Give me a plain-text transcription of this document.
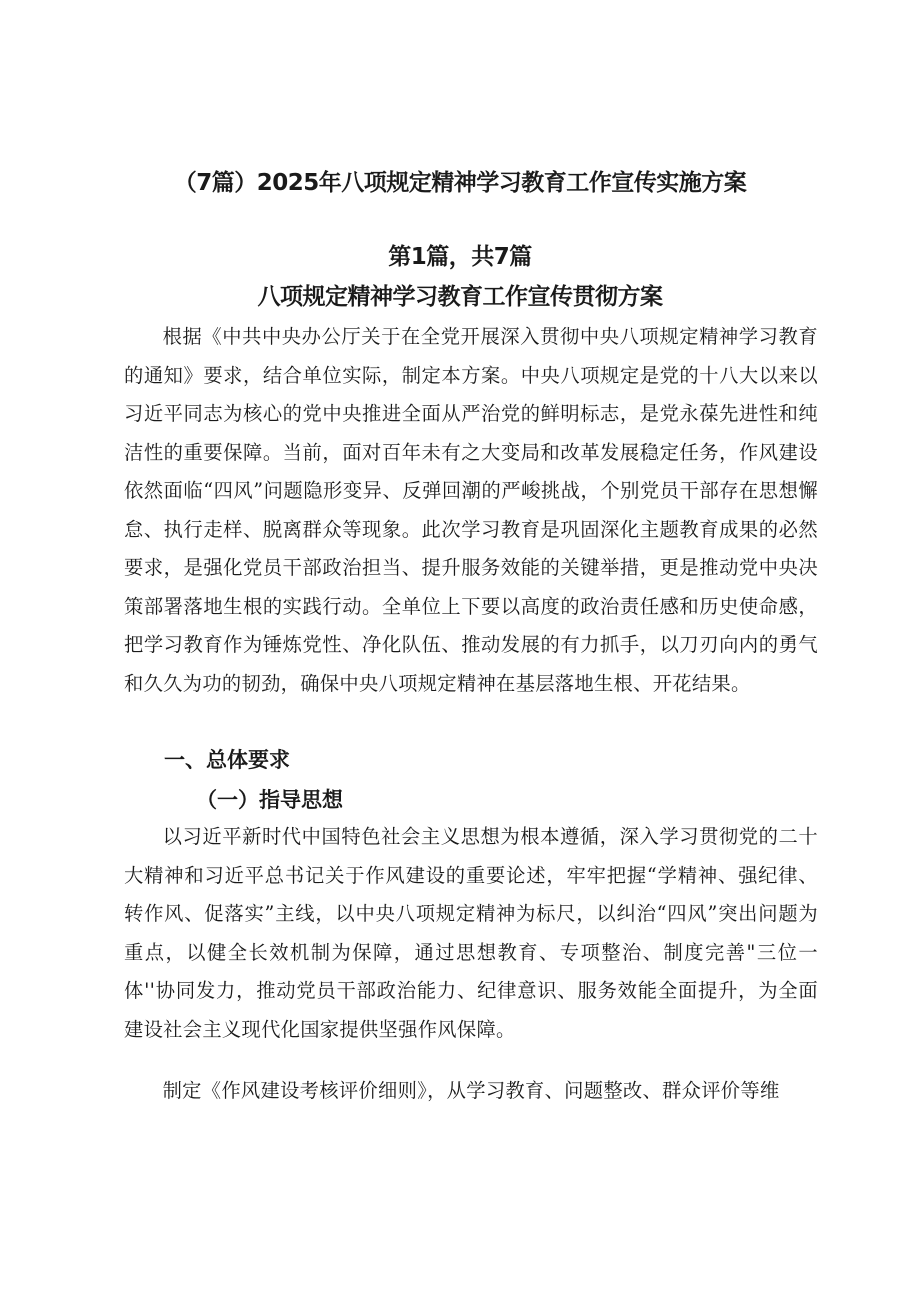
（7篇）2025年八项规定精神学习教育工作宣传实施方案
第1篇，共7篇
八项规定精神学习教育工作宣传贯彻方案

根据《中共中央办公厅关于在全党开展深入贯彻中央八项规定精神学习教育的通知》要求，结合单位实际，制定本方案。中央八项规定是党的十八大以来以习近平同志为核心的党中央推进全面从严治党的鲜明标志，是党永葆先进性和纯洁性的重要保障。当前，面对百年未有之大变局和改革发展稳定任务，作风建设依然面临“四风”问题隐形变异、反弹回潮的严峻挑战，个别党员干部存在思想懈怠、执行走样、脱离群众等现象。此次学习教育是巩固深化主题教育成果的必然要求，是强化党员干部政治担当、提升服务效能的关键举措，更是推动党中央决策部署落地生根的实践行动。全单位上下要以高度的政治责任感和历史使命感，把学习教育作为锤炼党性、净化队伍、推动发展的有力抓手，以刀刃向内的勇气和久久为功的韧劲，确保中央八项规定精神在基层落地生根、开花结果。

一、总体要求
（一）指导思想

以习近平新时代中国特色社会主义思想为根本遵循，深入学习贯彻党的二十大精神和习近平总书记关于作风建设的重要论述，牢牢把握“学精神、强纪律、转作风、促落实”主线，以中央八项规定精神为标尺，以纠治“四风”突出问题为重点，以健全长效机制为保障，通过思想教育、专项整治、制度完善"三位一体''协同发力，推动党员干部政治能力、纪律意识、服务效能全面提升，为全面建设社会主义现代化国家提供坚强作风保障。

制定《作风建设考核评价细则》，从学习教育、问题整改、群众评价等维
